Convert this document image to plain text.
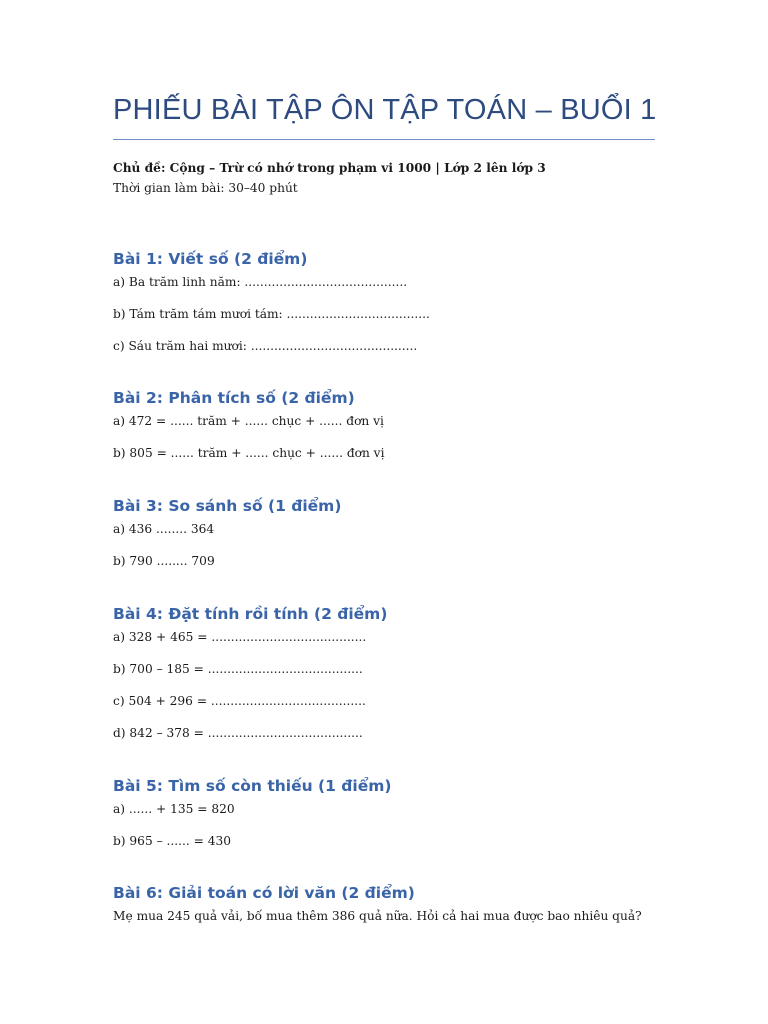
PHIẾU BÀI TẬP ÔN TẬP TOÁN – BUỔI 1
Chủ đề: Cộng – Trừ có nhớ trong phạm vi 1000 | Lớp 2 lên lớp 3
Thời gian làm bài: 30–40 phút
Bài 1: Viết số (2 điểm)
a) Ba trăm linh năm: ..........................................
b) Tám trăm tám mươi tám: .....................................
c) Sáu trăm hai mươi: ...........................................
Bài 2: Phân tích số (2 điểm)
a) 472 = ...... trăm + ...... chục + ...... đơn vị
b) 805 = ...... trăm + ...... chục + ...... đơn vị
Bài 3: So sánh số (1 điểm)
a) 436 ........ 364
b) 790 ........ 709
Bài 4: Đặt tính rồi tính (2 điểm)
a) 328 + 465 = ........................................
b) 700 – 185 = ........................................
c) 504 + 296 = ........................................
d) 842 – 378 = ........................................
Bài 5: Tìm số còn thiếu (1 điểm)
a) ...... + 135 = 820
b) 965 – ...... = 430
Bài 6: Giải toán có lời văn (2 điểm)
Mẹ mua 245 quả vải, bố mua thêm 386 quả nữa. Hỏi cả hai mua được bao nhiêu quả?
